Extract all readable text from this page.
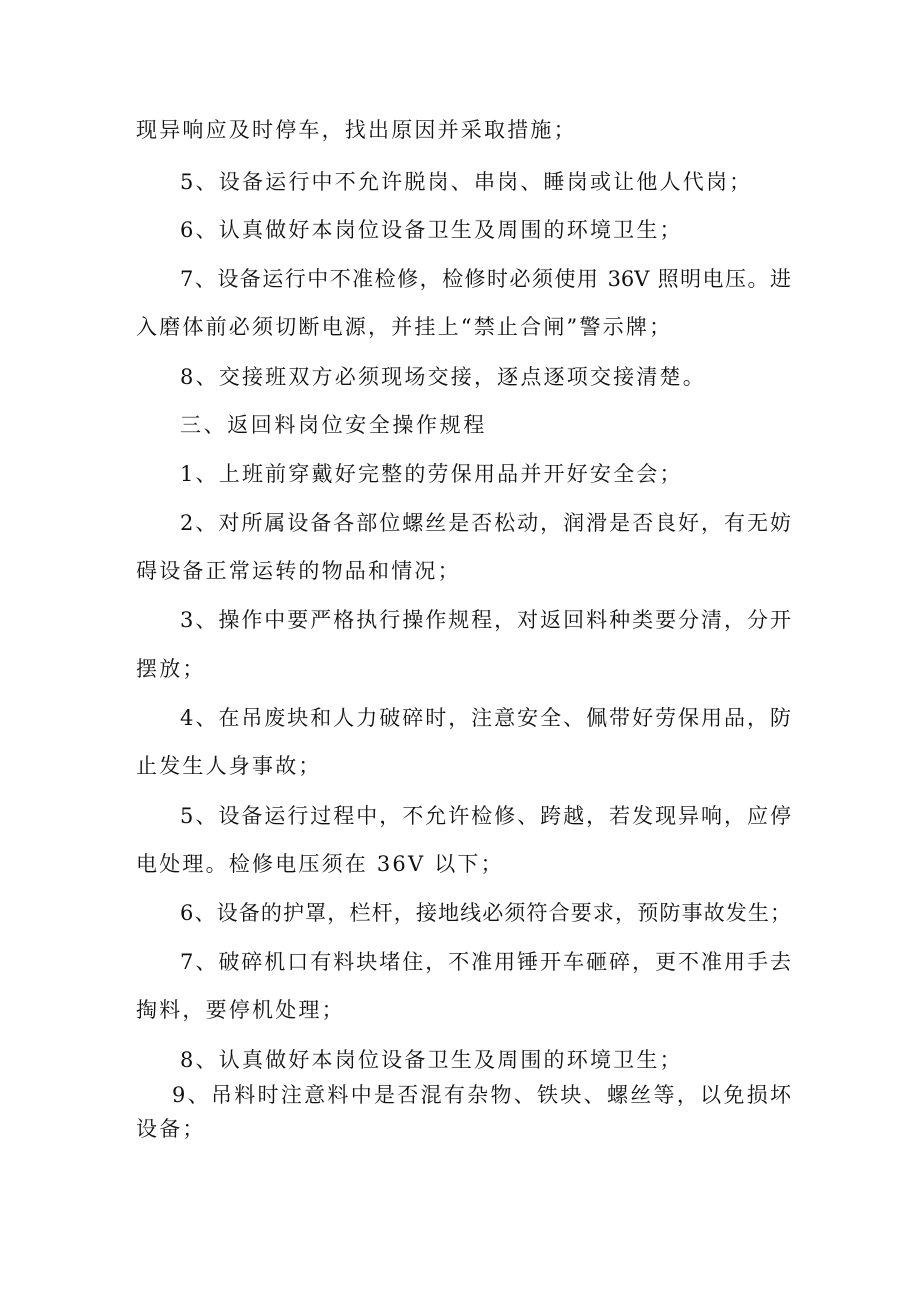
现异响应及时停车，找出原因并采取措施；
5、设备运行中不允许脱岗、串岗、睡岗或让他人代岗；
6、认真做好本岗位设备卫生及周围的环境卫生；
7、设备运行中不准检修，检修时必须使用 36V 照明电压。进
入磨体前必须切断电源，并挂上“禁止合闸”警示牌；
8、交接班双方必须现场交接，逐点逐项交接清楚。
三、返回料岗位安全操作规程
1、上班前穿戴好完整的劳保用品并开好安全会；
2、对所属设备各部位螺丝是否松动，润滑是否良好，有无妨
碍设备正常运转的物品和情况；
3、操作中要严格执行操作规程，对返回料种类要分清，分开
摆放；
4、在吊废块和人力破碎时，注意安全、佩带好劳保用品，防
止发生人身事故；
5、设备运行过程中，不允许检修、跨越，若发现异响，应停
电处理。检修电压须在 36V 以下；
6、设备的护罩，栏杆，接地线必须符合要求，预防事故发生；
7、破碎机口有料块堵住，不准用锤开车砸碎，更不准用手去
掏料，要停机处理；
8、认真做好本岗位设备卫生及周围的环境卫生；
9、吊料时注意料中是否混有杂物、铁块、螺丝等，以免损坏
设备；
